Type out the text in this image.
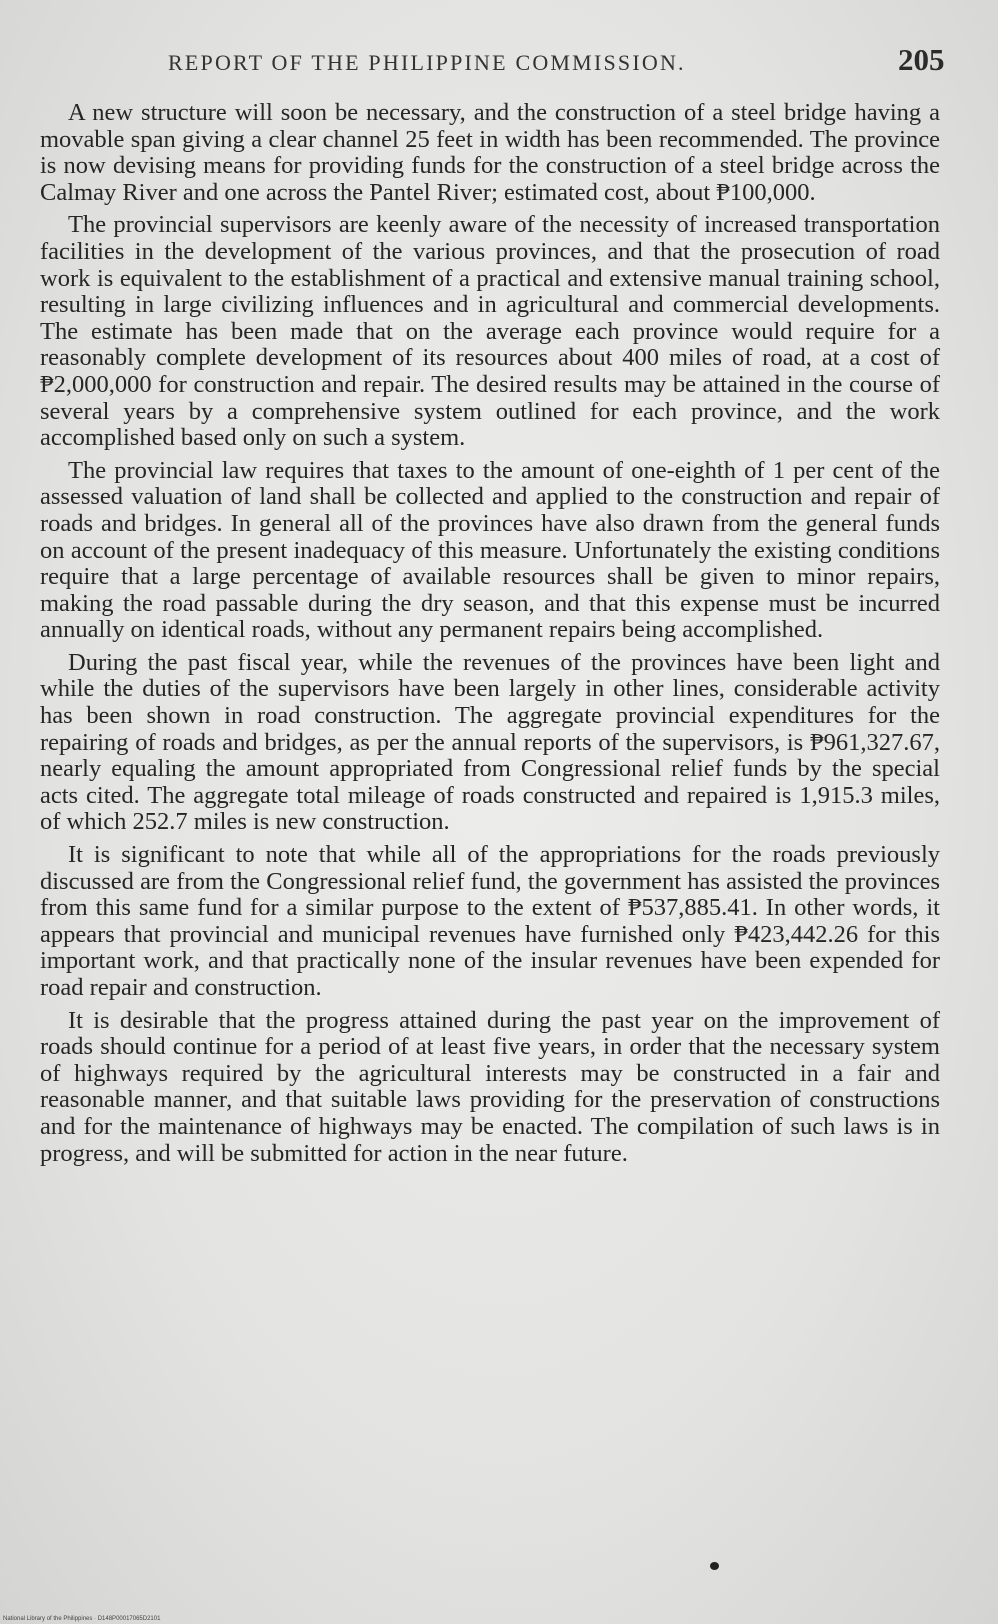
REPORT OF THE PHILIPPINE COMMISSION.	205

A new structure will soon be necessary, and the construction of a steel bridge having a movable span giving a clear channel 25 feet in width has been recommended. The province is now devising means for providing funds for the construction of a steel bridge across the Calmay River and one across the Pantel River; estimated cost, about ₱100,000.

The provincial supervisors are keenly aware of the necessity of increased transportation facilities in the development of the various provinces, and that the prosecution of road work is equivalent to the establishment of a practical and extensive manual training school, resulting in large civilizing influences and in agricultural and commercial developments. The estimate has been made that on the average each province would require for a reasonably complete development of its resources about 400 miles of road, at a cost of ₱2,000,000 for construction and repair. The desired results may be attained in the course of several years by a comprehensive system outlined for each province, and the work accomplished based only on such a system.

The provincial law requires that taxes to the amount of one-eighth of 1 per cent of the assessed valuation of land shall be collected and applied to the construction and repair of roads and bridges. In general all of the provinces have also drawn from the general funds on account of the present inadequacy of this measure. Unfortunately the existing conditions require that a large percentage of available resources shall be given to minor repairs, making the road passable during the dry season, and that this expense must be incurred annually on identical roads, without any permanent repairs being accomplished.

During the past fiscal year, while the revenues of the provinces have been light and while the duties of the supervisors have been largely in other lines, considerable activity has been shown in road construction. The aggregate provincial expenditures for the repairing of roads and bridges, as per the annual reports of the supervisors, is ₱961,327.67, nearly equaling the amount appropriated from Congressional relief funds by the special acts cited. The aggregate total mileage of roads constructed and repaired is 1,915.3 miles, of which 252.7 miles is new construction.

It is significant to note that while all of the appropriations for the roads previously discussed are from the Congressional relief fund, the government has assisted the provinces from this same fund for a similar purpose to the extent of ₱537,885.41. In other words, it appears that provincial and municipal revenues have furnished only ₱423,442.26 for this important work, and that practically none of the insular revenues have been expended for road repair and construction.

It is desirable that the progress attained during the past year on the improvement of roads should continue for a period of at least five years, in order that the necessary system of highways required by the agricultural interests may be constructed in a fair and reasonable manner, and that suitable laws providing for the preservation of constructions and for the maintenance of highways may be enacted. The compilation of such laws is in progress, and will be submitted for action in the near future.

National Library of the Philippines · D148P00017065D2101
